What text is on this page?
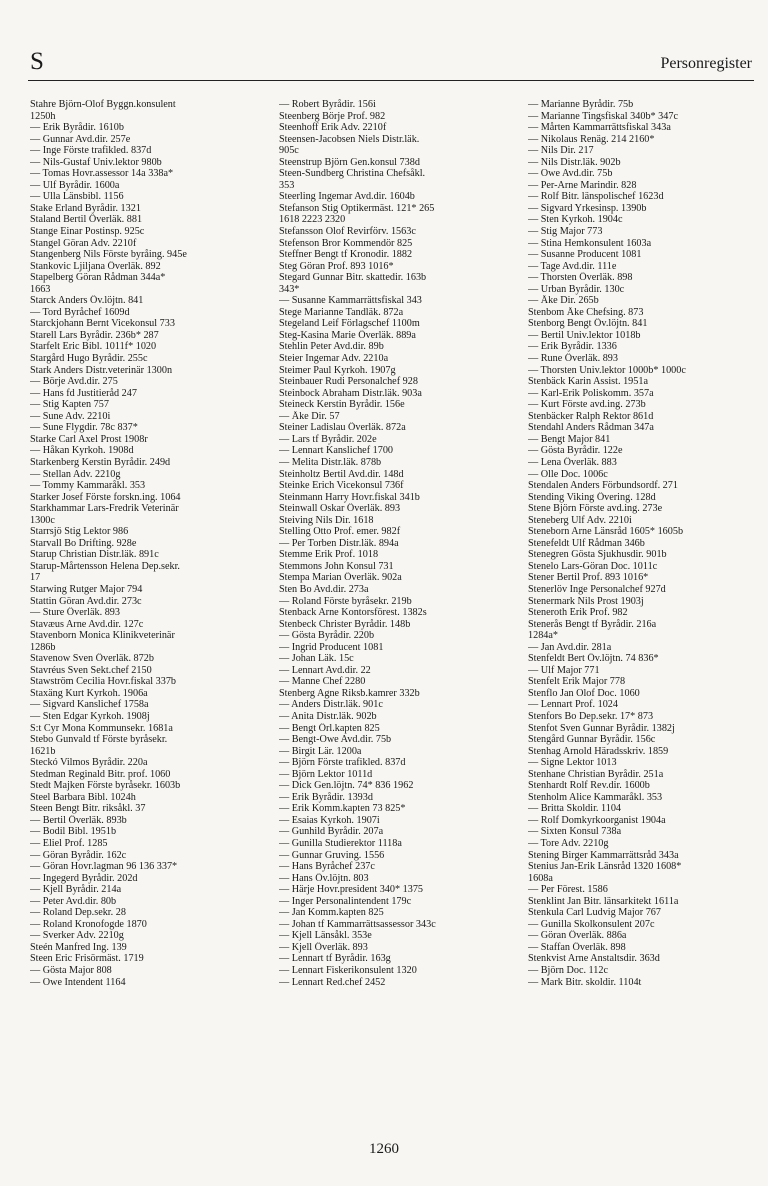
S	Personregister
Stahre Björn-Olof Byggn.konsulent
1250h
— Erik Byrådir. 1610b
— Gunnar Avd.dir. 257e
— Inge Förste trafikled. 837d
— Nils-Gustaf Univ.lektor 980b
— Tomas Hovr.assessor 14a 338a*
— Ulf Byrådir. 1600a
— Ulla Länsbibl. 1156
Stake Erland Byrådir. 1321
Staland Bertil Överläk. 881
Stange Einar Postinsp. 925c
Stangel Göran Adv. 2210f
Stangenberg Nils Förste byråing. 945e
Stankovic Ljiljana Överläk. 892
Stapelberg Göran Rådman 344a*
1663
Starck Anders Öv.löjtn. 841
— Tord Byråchef 1609d
Starckjohann Bernt Vicekonsul 733
Starell Lars Byrådir. 236b* 287
Starfelt Eric Bibl. 1011f* 1020
Stargård Hugo Byrådir. 255c
Stark Anders Distr.veterinär 1300n
— Börje Avd.dir. 275
— Hans fd Justitieråd 247
— Stig Kapten 757
— Sune Adv. 2210i
— Sune Flygdir. 78c 837*
Starke Carl Axel Prost 1908r
— Håkan Kyrkoh. 1908d
Starkenberg Kerstin Byrådir. 249d
— Stellan Adv. 2210g
— Tommy Kammaråkl. 353
Starker Josef Förste forskn.ing. 1064
Starkhammar Lars-Fredrik Veterinär
1300c
Starrsjö Stig Lektor 986
Starvall Bo Drifting. 928e
Starup Christian Distr.läk. 891c
Starup-Mårtensson Helena Dep.sekr.
17
Starwing Rutger Major 794
Stattin Göran Avd.dir. 273c
— Sture Överläk. 893
Stavæus Arne Avd.dir. 127c
Stavenborn Monica Klinikveterinär
1286b
Stavenow Sven Överläk. 872b
Stavréus Sven Sekt.chef 2150
Stawström Cecilia Hovr.fiskal 337b
Staxäng Kurt Kyrkoh. 1906a
— Sigvard Kanslichef 1758a
— Sten Edgar Kyrkoh. 1908j
S:t Cyr Mona Kommunsekr. 1681a
Stebo Gunvald tf Förste byråsekr.
1621b
Steckó Vilmos Byrådir. 220a
Stedman Reginald Bitr. prof. 1060
Stedt Majken Förste byråsekr. 1603b
Steel Barbara Bibl. 1024h
Steen Bengt Bitr. riksåkl. 37
— Bertil Överläk. 893b
— Bodil Bibl. 1951b
— Eliel Prof. 1285
— Göran Byrådir. 162c
— Göran Hovr.lagman 96 136 337*
— Ingegerd Byrådir. 202d
— Kjell Byrådir. 214a
— Peter Avd.dir. 80b
— Roland Dep.sekr. 28
— Roland Kronofogde 1870
— Sverker Adv. 2210g
Steén Manfred Ing. 139
Steen Eric Frisörmäst. 1719
— Gösta Major 808
— Owe Intendent 1164
— Robert Byrådir. 156i
Steenberg Börje Prof. 982
Steenhoff Erik Adv. 2210f
Steensen-Jacobsen Niels Distr.läk.
905c
Steenstrup Björn Gen.konsul 738d
Steen-Sundberg Christina Chefsåkl.
353
Steerling Ingemar Avd.dir. 1604b
Stefanson Stig Optikermäst. 121* 265
1618 2223 2320
Stefansson Olof Revirförv. 1563c
Stefenson Bror Kommendör 825
Steffner Bengt tf Kronodir. 1882
Steg Göran Prof. 893 1016*
Stegard Gunnar Bitr. skattedir. 163b
343*
— Susanne Kammarrättsfiskal 343
Stege Marianne Tandläk. 872a
Stegeland Leif Förlagschef 1100m
Steg-Kasina Marie Överläk. 889a
Stehlin Peter Avd.dir. 89b
Steier Ingemar Adv. 2210a
Steimer Paul Kyrkoh. 1907g
Steinbauer Rudi Personalchef 928
Steinbock Abraham Distr.läk. 903a
Steineck Kerstin Byrådir. 156e
— Åke Dir. 57
Steiner Ladislau Överläk. 872a
— Lars tf Byrådir. 202e
— Lennart Kanslichef 1700
— Melita Distr.läk. 878b
Steinholtz Bertil Avd.dir. 148d
Steinke Erich Vicekonsul 736f
Steinmann Harry Hovr.fiskal 341b
Steinwall Oskar Överläk. 893
Steiving Nils Dir. 1618
Stelling Otto Prof. emer. 982f
— Per Torben Distr.läk. 894a
Stemme Erik Prof. 1018
Stemmons John Konsul 731
Stempa Marian Överläk. 902a
Sten Bo Avd.dir. 273a
— Roland Förste byråsekr. 219b
Stenback Arne Kontorsförest. 1382s
Stenbeck Christer Byrådir. 148b
— Gösta Byrådir. 220b
— Ingrid Producent 1081
— Johan Läk. 15c
— Lennart Avd.dir. 22
— Manne Chef 2280
Stenberg Agne Riksb.kamrer 332b
— Anders Distr.läk. 901c
— Anita Distr.läk. 902b
— Bengt Örl.kapten 825
— Bengt-Owe Avd.dir. 75b
— Birgit Lär. 1200a
— Björn Förste trafikled. 837d
— Björn Lektor 1011d
— Dick Gen.löjtn. 74* 836 1962
— Erik Byrådir. 1393d
— Erik Komm.kapten 73 825*
— Esaias Kyrkoh. 1907i
— Gunhild Byrådir. 207a
— Gunilla Studierektor 1118a
— Gunnar Gruving. 1556
— Hans Byråchef 237c
— Hans Öv.löjtn. 803
— Härje Hovr.president 340* 1375
— Inger Personalintendent 179c
— Jan Komm.kapten 825
— Johan tf Kammarrättsassessor 343c
— Kjell Länsåkl. 353e
— Kjell Överläk. 893
— Lennart tf Byrådir. 163g
— Lennart Fiskerikonsulent 1320
— Lennart Red.chef 2452
— Marianne Byrådir. 75b
— Marianne Tingsfiskal 340b* 347c
— Mårten Kammarrättsfiskal 343a
— Nikolaus Renäg. 214 2160*
— Nils Dir. 217
— Nils Distr.läk. 902b
— Owe Avd.dir. 75b
— Per-Arne Marindir. 828
— Rolf Bitr. länspolischef 1623d
— Sigvard Yrkesinsp. 1390b
— Sten Kyrkoh. 1904c
— Stig Major 773
— Stina Hemkonsulent 1603a
— Susanne Producent 1081
— Tage Avd.dir. 111e
— Thorsten Överläk. 898
— Urban Byrådir. 130c
— Åke Dir. 265b
Stenbom Åke Chefsing. 873
Stenborg Bengt Öv.löjtn. 841
— Bertil Univ.lektor 1018b
— Erik Byrådir. 1336
— Rune Överläk. 893
— Thorsten Univ.lektor 1000b* 1000c
Stenbäck Karin Assist. 1951a
— Karl-Erik Poliskomm. 357a
— Kurt Förste avd.ing. 273b
Stenbäcker Ralph Rektor 861d
Stendahl Anders Rådman 347a
— Bengt Major 841
— Gösta Byrådir. 122e
— Lena Överläk. 883
— Olle Doc. 1006c
Stendalen Anders Förbundsordf. 271
Stending Viking Övering. 128d
Stene Björn Förste avd.ing. 273e
Steneberg Ulf Adv. 2210i
Steneborn Arne Länsråd 1605* 1605b
Stenefeldt Ulf Rådman 346b
Stenegren Gösta Sjukhusdir. 901b
Stenelo Lars-Göran Doc. 1011c
Stener Bertil Prof. 893 1016*
Stenerlöv Inge Personalchef 927d
Stenermark Nils Prost 1903j
Steneroth Erik Prof. 982
Stenerås Bengt tf Byrådir. 216a
1284a*
— Jan Avd.dir. 281a
Stenfeldt Bert Öv.löjtn. 74 836*
— Ulf Major 771
Stenfelt Erik Major 778
Stenflo Jan Olof Doc. 1060
— Lennart Prof. 1024
Stenfors Bo Dep.sekr. 17* 873
Stenfot Sven Gunnar Byrådir. 1382j
Stengård Gunnar Byrådir. 156c
Stenhag Arnold Häradsskriv. 1859
— Signe Lektor 1013
Stenhane Christian Byrådir. 251a
Stenhardt Rolf Rev.dir. 1600b
Stenholm Alice Kammaråkl. 353
— Britta Skoldir. 1104
— Rolf Domkyrkoorganist 1904a
— Sixten Konsul 738a
— Tore Adv. 2210g
Stening Birger Kammarrättsråd 343a
Stenius Jan-Erik Länsråd 1320 1608*
1608a
— Per Förest. 1586
Stenklint Jan Bitr. länsarkitekt 1611a
Stenkula Carl Ludvig Major 767
— Gunilla Skolkonsulent 207c
— Göran Överläk. 886a
— Staffan Överläk. 898
Stenkvist Arne Anstaltsdir. 363d
— Björn Doc. 112c
— Mark Bitr. skoldir. 1104t
1260
